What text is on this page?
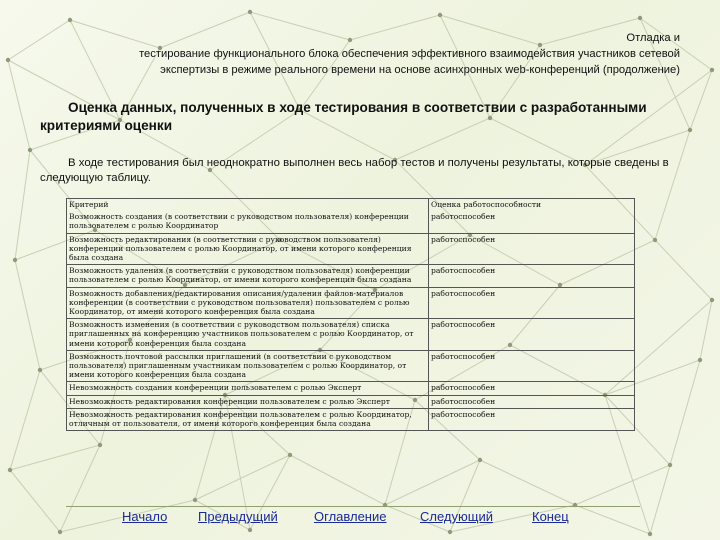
Отладка и
тестирование функционального блока обеспечения эффективного взаимодействия участников сетевой
экспертизы в режиме реального времени на основе асинхронных web-конференций (продолжение)
Оценка данных, полученных в ходе тестирования в соответствии с разработанными критериями оценки

В ходе тестирования был неоднократно выполнен весь набор тестов и получены результаты, которые сведены в следующую таблицу.

Критерий	Оценка работоспособности
Возможность создания (в соответствии с руководством пользователя) конференции пользователем с ролью Координатор	работоспособен
Возможность редактирования (в соответствии с руководством пользователя) конференции пользователем с ролью Координатор, от имени которого конференция была создана	работоспособен
Возможность удаления (в соответствии с руководством пользователя) конференции пользователем с ролью Координатор, от имени которого конференция была создана	работоспособен
Возможность добавления/редактирования описания/удаления файлов-материалов конференции (в соответствии с руководством пользователя) пользователем с ролью Координатор, от имени которого конференция была создана	работоспособен
Возможность изменения (в соответствии с руководством пользователя) списка приглашенных на конференцию участников пользователем с ролью Координатор, от имени которого конференция была создана	работоспособен
Возможность почтовой рассылки приглашений (в соответствии с руководством пользователя) приглашенным участникам пользователем с ролью Координатор, от имени которого конференция была создана	работоспособен
Невозможность создания конференции пользователем с ролью Эксперт	работоспособен
Невозможность редактирования конференции пользователем с ролью Эксперт	работоспособен
Невозможность редактирования конференции пользователем с ролью Координатор, отличным от пользователя, от имени которого конференция была создана	работоспособен
Начало Предыдущий	Оглавление	Следующий	Конец
